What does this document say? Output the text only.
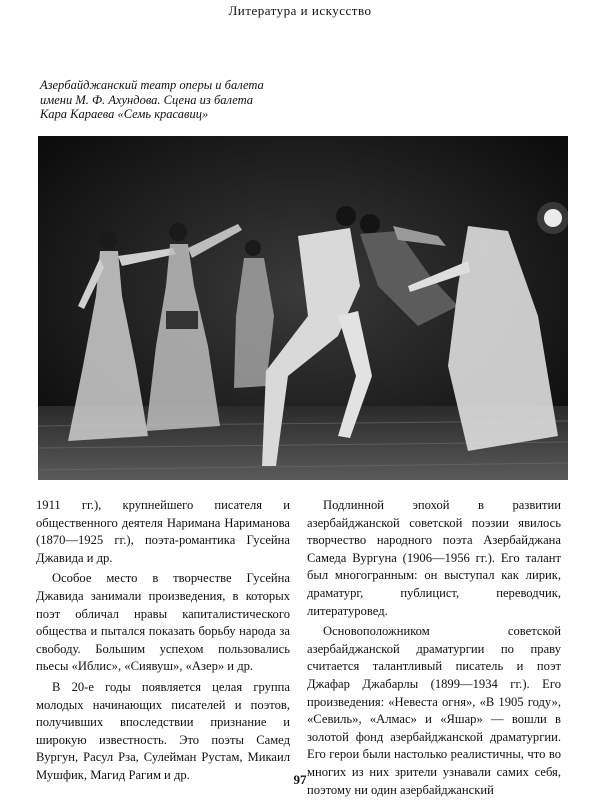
Литература и искусство
Азербайджанский театр оперы и балета
имени М. Ф. Ахундова. Сцена из балета
Кара Караева «Семь красавиц»

1911 гг.), крупнейшего писателя и общественного деятеля Наримана Нариманова (1870—1925 гг.), поэта-романтика Гусейна Джавида и др.

Особое место в творчестве Гусейна Джавида занимали произведения, в которых поэт обличал нравы капиталистического общества и пытался показать борьбу народа за свободу. Большим успехом пользовались пьесы «Иблис», «Сиявуш», «Азер» и др.

В 20-е годы появляется целая группа молодых начинающих писателей и поэтов, получивших впоследствии признание и широкую известность. Это поэты Самед Вургун, Расул Рза, Сулейман Рустам, Микаил Мушфик, Магид Рагим и др.

Подлинной эпохой в развитии азербайджанской советской поэзии явилось творчество народного поэта Азербайджана Самеда Вургуна (1906—1956 гг.). Его талант был многогранным: он выступал как лирик, драматург, публицист, переводчик, литературовед.

Основоположником советской азербайджанской драматургии по праву считается талантливый писатель и поэт Джафар Джабарлы (1899—1934 гг.). Его произведения: «Невеста огня», «В 1905 году», «Севиль», «Алмас» и «Яшар» — вошли в золотой фонд азербайджанской драматургии. Его герои были настолько реалистичны, что во многих из них зрители узнавали самих себя, поэтому ни один азербайджанский

97
